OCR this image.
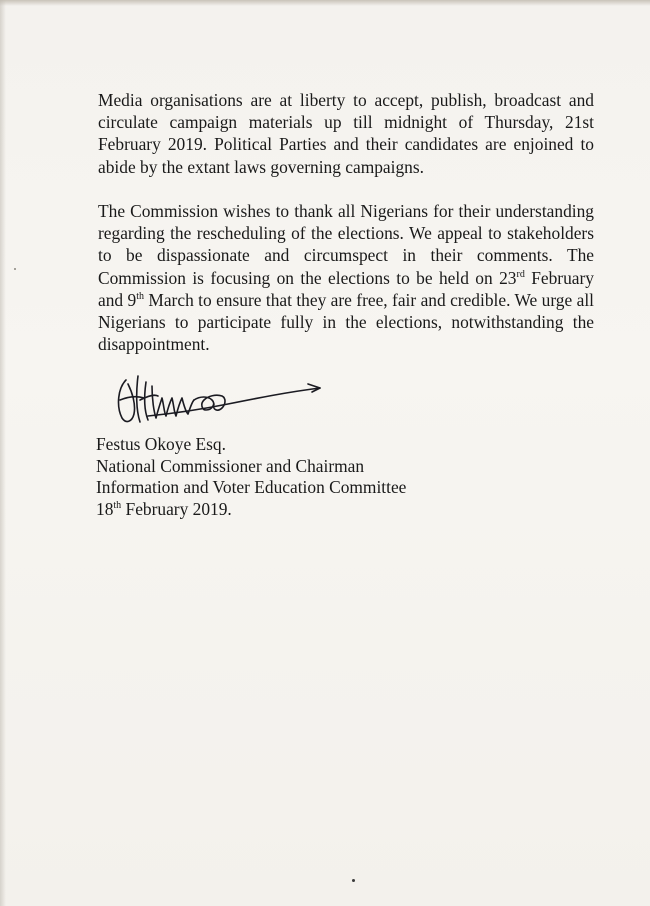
Media organisations are at liberty to accept, publish, broadcast and circulate campaign materials up till midnight of Thursday, 21st February 2019. Political Parties and their candidates are enjoined to abide by the extant laws governing campaigns.

The Commission wishes to thank all Nigerians for their understanding regarding the rescheduling of the elections. We appeal to stakeholders to be dispassionate and circumspect in their comments. The Commission is focusing on the elections to be held on 23rd February and 9th March to ensure that they are free, fair and credible. We urge all Nigerians to participate fully in the elections, notwithstanding the disappointment.

Festus Okoye Esq.
National Commissioner and Chairman
Information and Voter Education Committee
18th February 2019.
